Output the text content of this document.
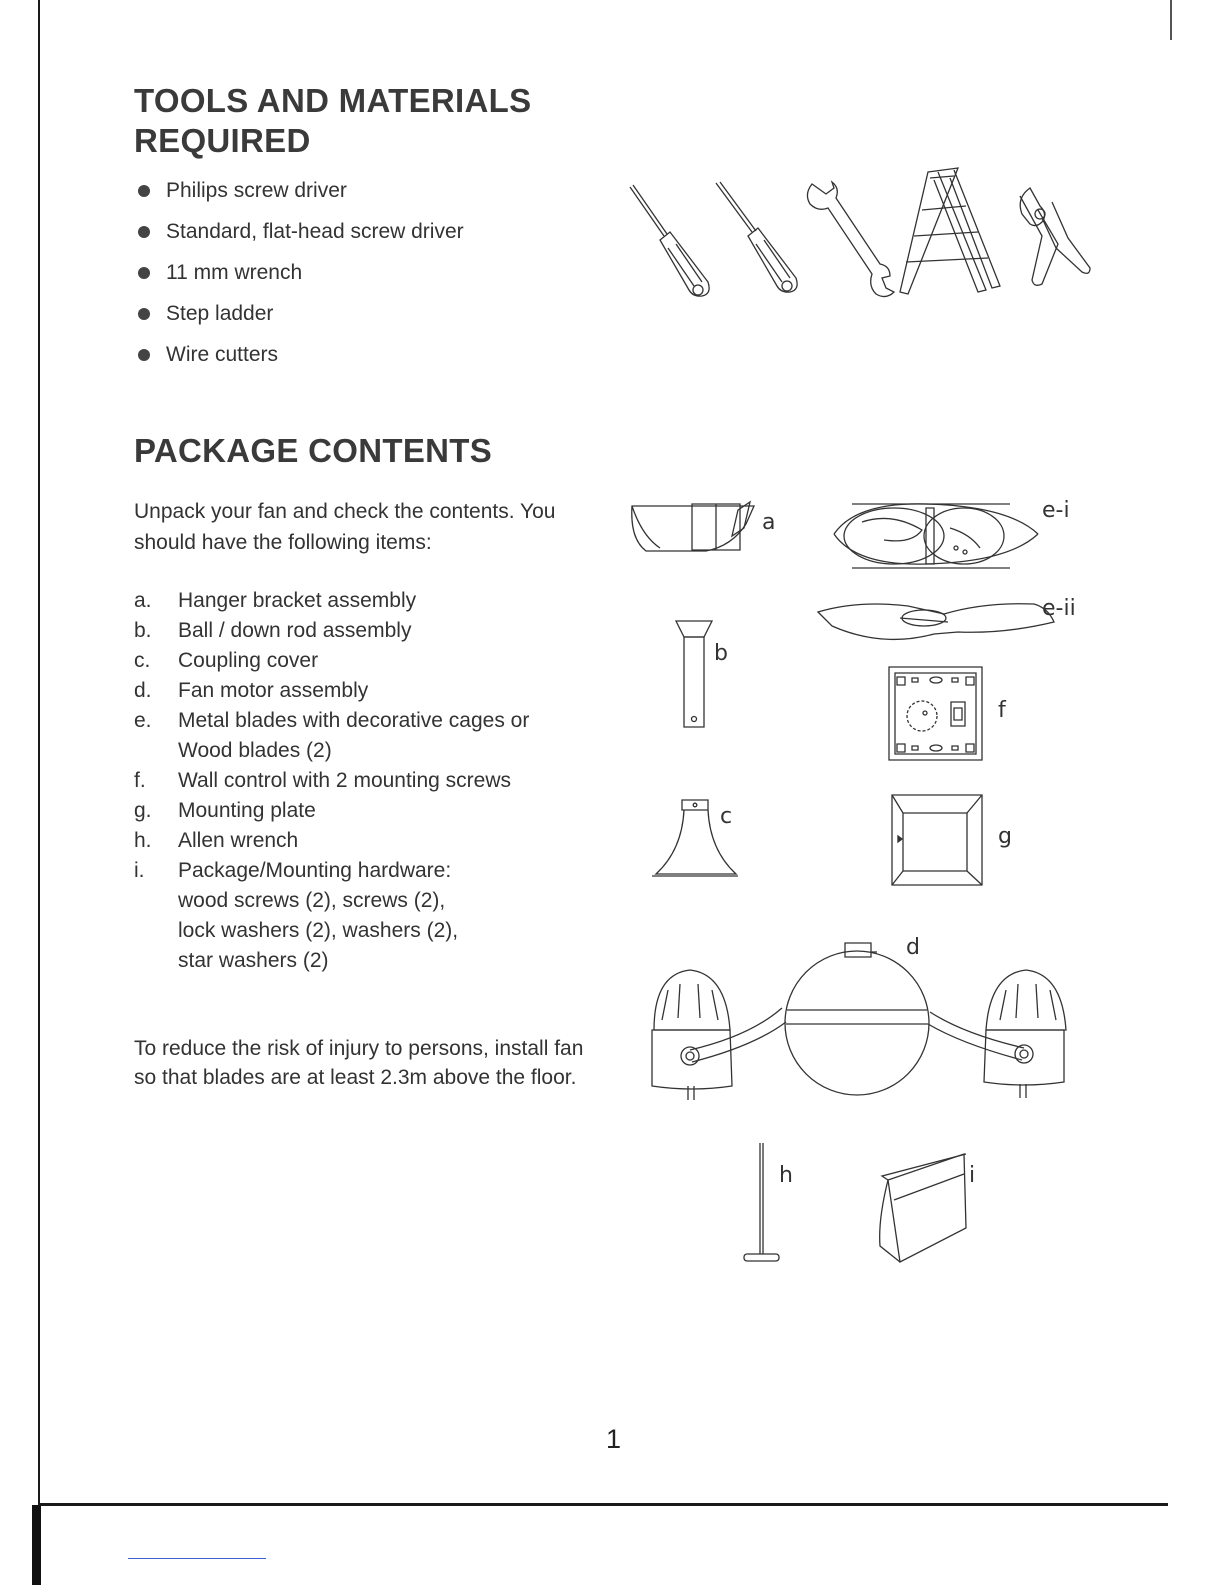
TOOLS AND MATERIALS
REQUIRED
Philips screw driver
Standard, flat-head screw driver
11 mm wrench
Step ladder
Wire cutters
PACKAGE CONTENTS

Unpack your fan and check the contents. You should have the following items:

a. Hanger bracket assembly
b. Ball / down rod assembly
c. Coupling cover
d. Fan motor assembly
e. Metal blades with decorative cages or
Wood blades (2)
f. Wall control with 2 mounting screws
g. Mounting plate
h. Allen wrench
i. Package/Mounting hardware:
wood screws (2), screws (2),
lock washers (2), washers (2),
star washers (2)

To reduce the risk of injury to persons, install fan so that blades are at least 2.3m above the floor.

1
a	e-i
e-ii
b
f
c
g
d
h	i
